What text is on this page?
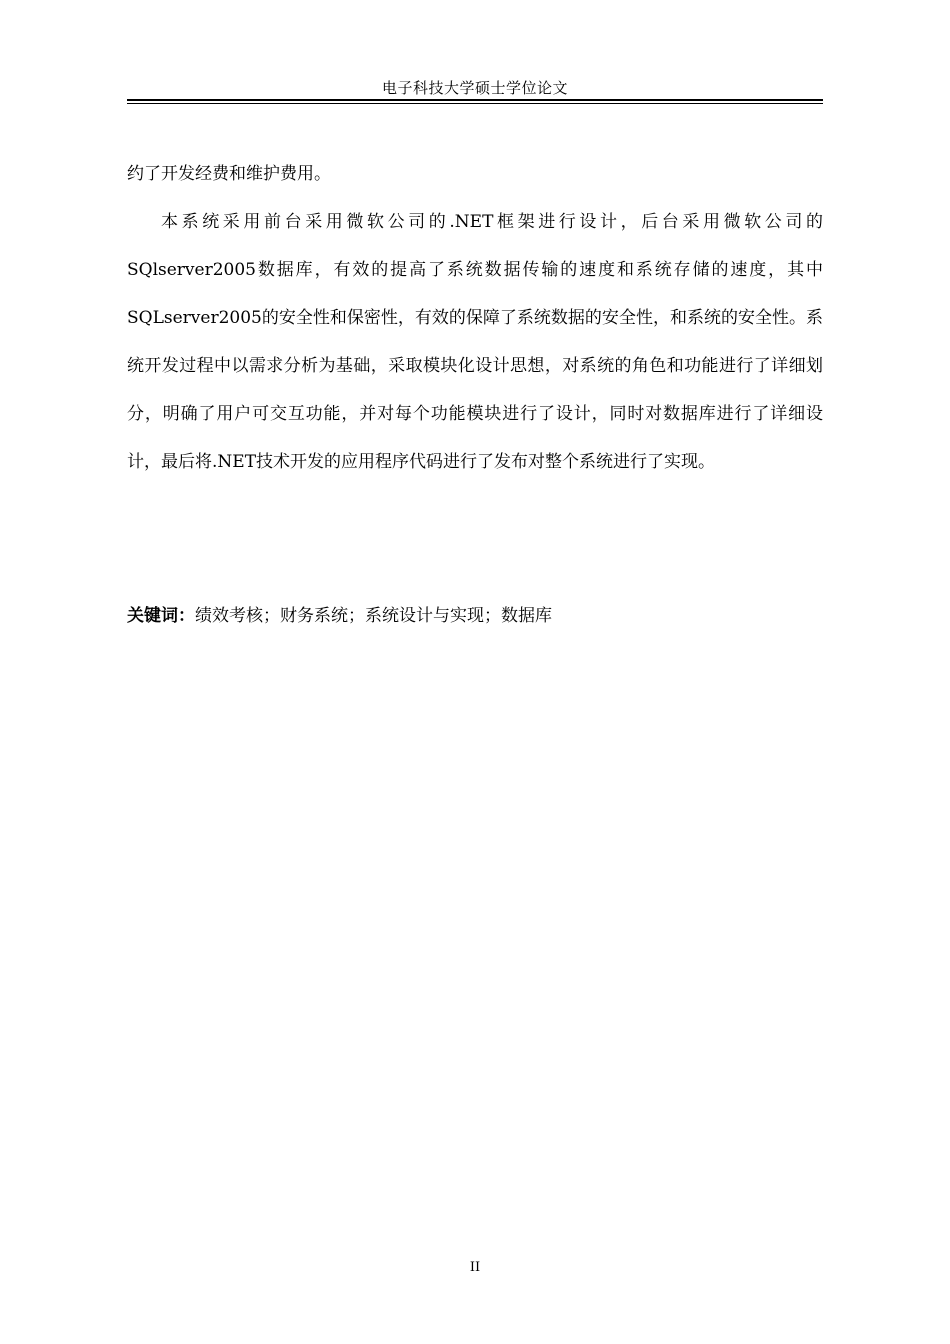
电子科技大学硕士学位论文

约了开发经费和维护费用。

本系统采用前台采用微软公司的.NET框架进行设计，后台采用微软公司的SQlserver2005数据库，有效的提高了系统数据传输的速度和系统存储的速度，其中SQLserver2005的安全性和保密性，有效的保障了系统数据的安全性，和系统的安全性。系统开发过程中以需求分析为基础，采取模块化设计思想，对系统的角色和功能进行了详细划分，明确了用户可交互功能，并对每个功能模块进行了设计，同时对数据库进行了详细设计，最后将.NET技术开发的应用程序代码进行了发布对整个系统进行了实现。

关键词：绩效考核；财务系统；系统设计与实现；数据库
II
